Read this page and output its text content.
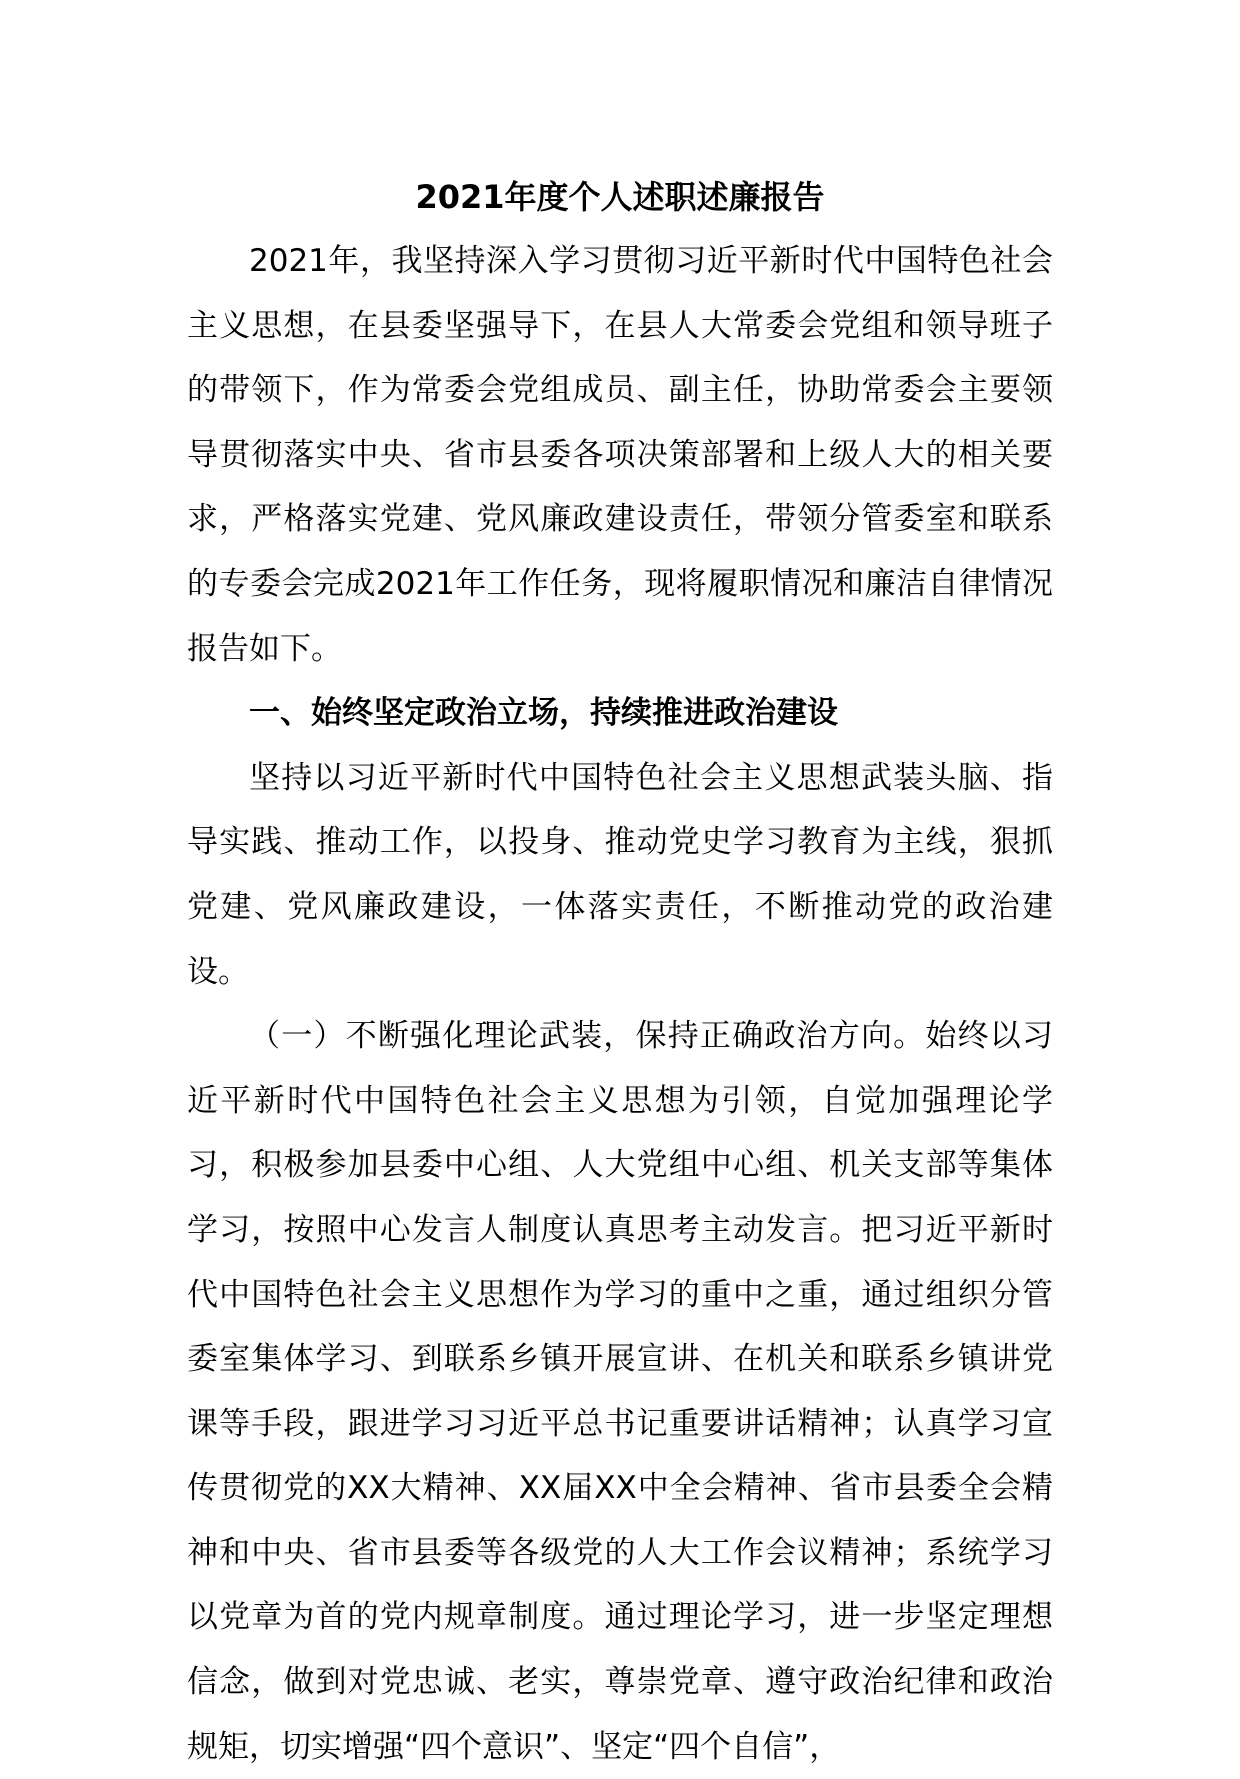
2021年度个人述职述廉报告

2021年，我坚持深入学习贯彻习近平新时代中国特色社会主义思想，在县委坚强导下，在县人大常委会党组和领导班子的带领下，作为常委会党组成员、副主任，协助常委会主要领导贯彻落实中央、省市县委各项决策部署和上级人大的相关要求，严格落实党建、党风廉政建设责任，带领分管委室和联系的专委会完成2021年工作任务，现将履职情况和廉洁自律情况报告如下。

一、始终坚定政治立场，持续推进政治建设

坚持以习近平新时代中国特色社会主义思想武装头脑、指导实践、推动工作，以投身、推动党史学习教育为主线，狠抓党建、党风廉政建设，一体落实责任，不断推动党的政治建设。

（一）不断强化理论武装，保持正确政治方向。始终以习近平新时代中国特色社会主义思想为引领，自觉加强理论学习，积极参加县委中心组、人大党组中心组、机关支部等集体学习，按照中心发言人制度认真思考主动发言。把习近平新时代中国特色社会主义思想作为学习的重中之重，通过组织分管委室集体学习、到联系乡镇开展宣讲、在机关和联系乡镇讲党课等手段，跟进学习习近平总书记重要讲话精神；认真学习宣传贯彻党的XX大精神、XX届XX中全会精神、省市县委全会精神和中央、省市县委等各级党的人大工作会议精神；系统学习以党章为首的党内规章制度。通过理论学习，进一步坚定理想信念，做到对党忠诚、老实，尊崇党章、遵守政治纪律和政治规矩，切实增强“四个意识”、坚定“四个自信”，
